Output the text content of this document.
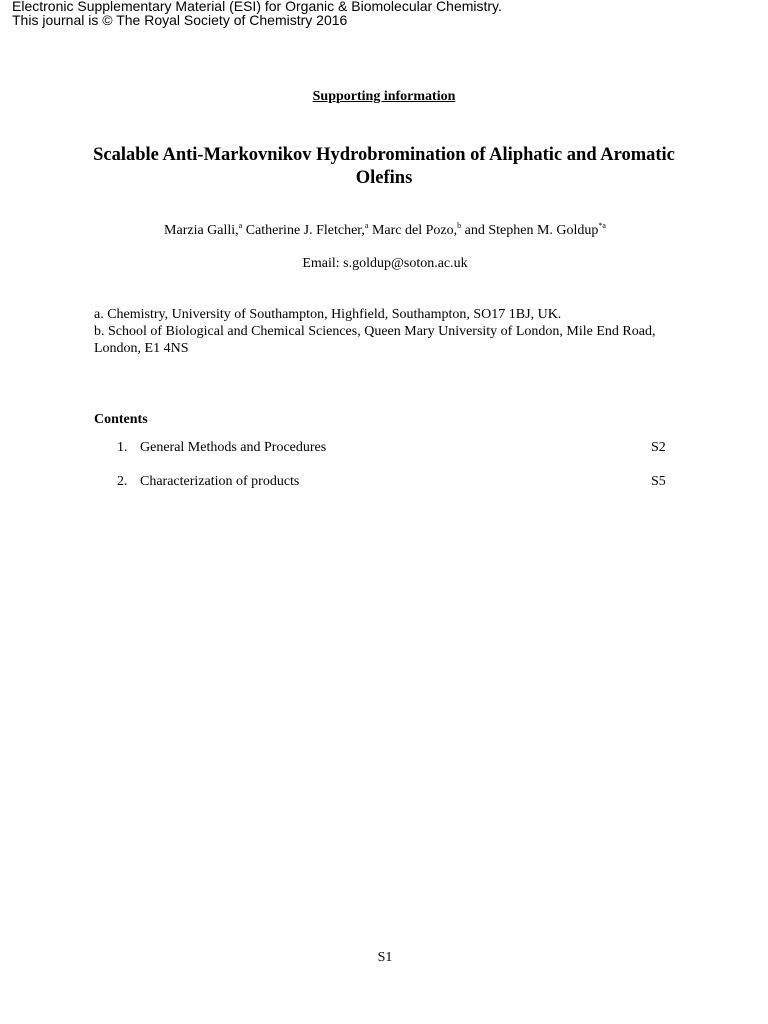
Electronic Supplementary Material (ESI) for Organic & Biomolecular Chemistry.
This journal is © The Royal Society of Chemistry 2016
Supporting information
Scalable Anti-Markovnikov Hydrobromination of Aliphatic and Aromatic Olefins
Marzia Galli,$^a$ Catherine J. Fletcher,$^a$ Marc del Pozo,$^b$ and Stephen M. Goldup$^{*a}$
Email: s.goldup@soton.ac.uk
a. Chemistry, University of Southampton, Highfield, Southampton, SO17 1BJ, UK.
b. School of Biological and Chemical Sciences, Queen Mary University of London, Mile End Road, London, E1 4NS
Contents
1. General Methods and Procedures	S2
2. Characterization of products	S5
S1
